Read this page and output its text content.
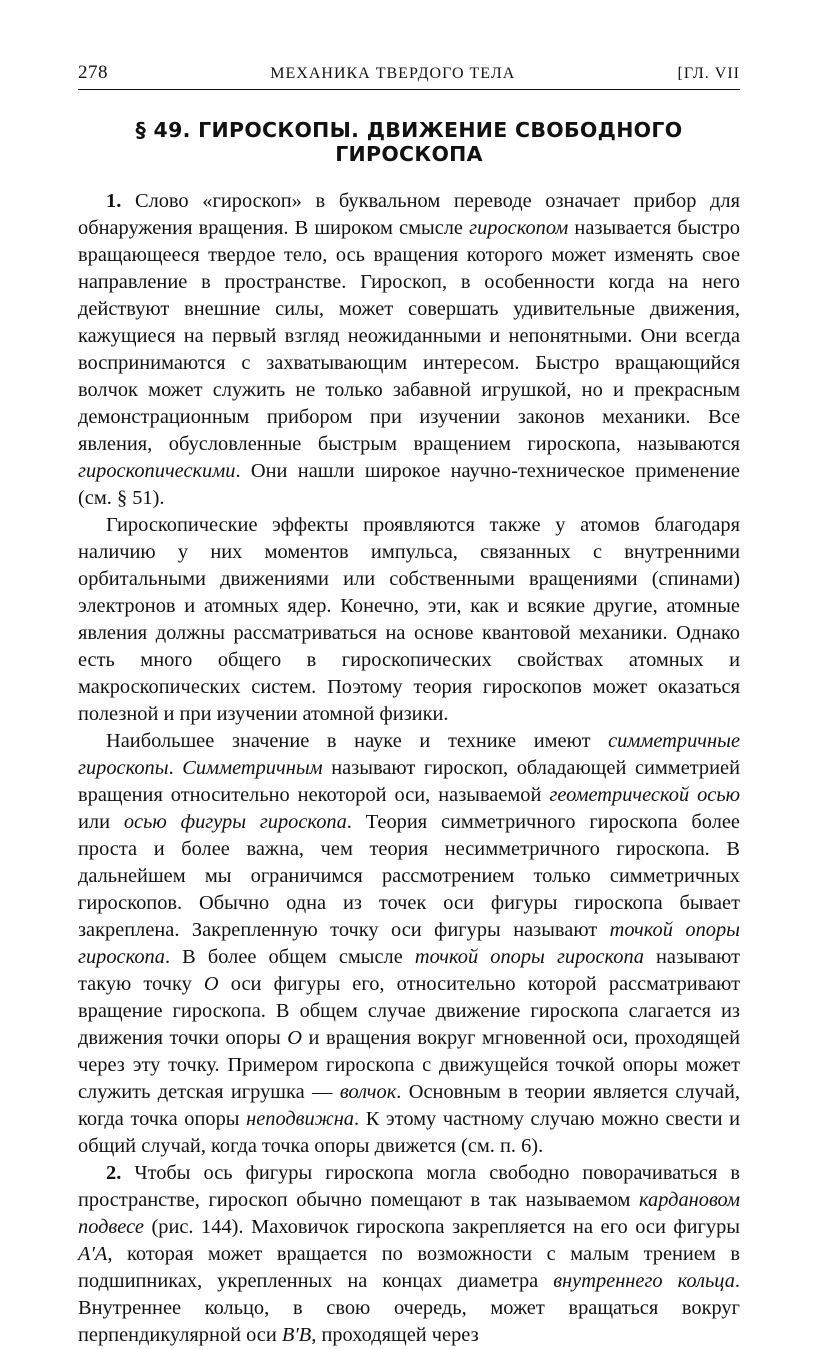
278	МЕХАНИКА ТВЕРДОГО ТЕЛА	[ГЛ. VII
§ 49. ГИРОСКОПЫ. ДВИЖЕНИЕ СВОБОДНОГО ГИРОСКОПА

1. Слово «гироскоп» в буквальном переводе означает прибор для обнаружения вращения. В широком смысле гироскопом называется быстро вращающееся твердое тело, ось вращения которого может изменять свое направление в пространстве. Гироскоп, в особенности когда на него действуют внешние силы, может совершать удивительные движения, кажущиеся на первый взгляд неожиданными и непонятными. Они всегда воспринимаются с захватывающим интересом. Быстро вращающийся волчок может служить не только забавной игрушкой, но и прекрасным демонстрационным прибором при изучении законов механики. Все явления, обусловленные быстрым вращением гироскопа, называются гироскопическими. Они нашли широкое научно-техническое применение (см. § 51).

Гироскопические эффекты проявляются также у атомов благодаря наличию у них моментов импульса, связанных с внутренними орбитальными движениями или собственными вращениями (спинами) электронов и атомных ядер. Конечно, эти, как и всякие другие, атомные явления должны рассматриваться на основе квантовой механики. Однако есть много общего в гироскопических свойствах атомных и макроскопических систем. Поэтому теория гироскопов может оказаться полезной и при изучении атомной физики.

Наибольшее значение в науке и технике имеют симметричные гироскопы. Симметричным называют гироскоп, обладающей симметрией вращения относительно некоторой оси, называемой геометрической осью или осью фигуры гироскопа. Теория симметричного гироскопа более проста и более важна, чем теория несимметричного гироскопа. В дальнейшем мы ограничимся рассмотрением только симметричных гироскопов. Обычно одна из точек оси фигуры гироскопа бывает закреплена. Закрепленную точку оси фигуры называют точкой опоры гироскопа. В более общем смысле точкой опоры гироскопа называют такую точку O оси фигуры его, относительно которой рассматривают вращение гироскопа. В общем случае движение гироскопа слагается из движения точки опоры O и вращения вокруг мгновенной оси, проходящей через эту точку. Примером гироскопа с движущейся точкой опоры может служить детская игрушка — волчок. Основным в теории является случай, когда точка опоры неподвижна. К этому частному случаю можно свести и общий случай, когда точка опоры движется (см. п. 6).

2. Чтобы ось фигуры гироскопа могла свободно поворачиваться в пространстве, гироскоп обычно помещают в так называемом кардановом подвесе (рис. 144). Маховичок гироскопа закрепляется на его оси фигуры A′A, которая может вращается по возможности с малым трением в подшипниках, укрепленных на концах диаметра внутреннего кольца. Внутреннее кольцо, в свою очередь, может вращаться вокруг перпендикулярной оси B′B, проходящей через
